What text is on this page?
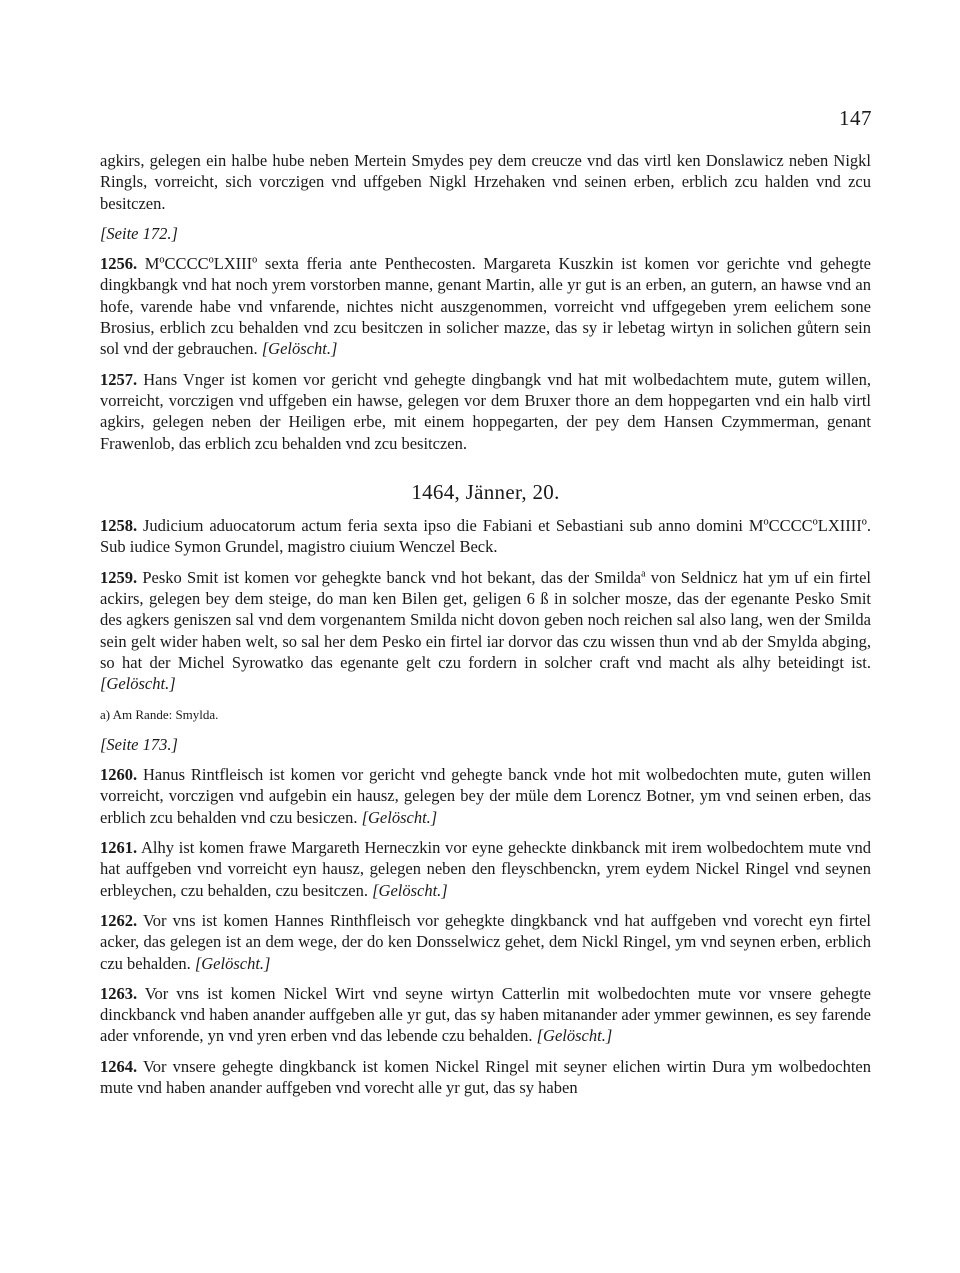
147

agkirs, gelegen ein halbe hube neben Mertein Smydes pey dem creucze vnd das virtl ken Donslawicz neben Nigkl Ringls, vorreicht, sich vorczigen vnd uffgeben Nigkl Hrzehaken vnd seinen erben, erblich zcu halden vnd zcu besitczen.

[Seite 172.]

1256. MºCCCCºLXIIIº sexta fferia ante Penthecosten. Margareta Kuszkin ist komen vor gerichte vnd gehegte dingkbangk vnd hat noch yrem vorstorben manne, genant Martin, alle yr gut is an erben, an gutern, an hawse vnd an hofe, varende habe vnd vnfarende, nichtes nicht auszgenommen, vorreicht vnd uffgegeben yrem eelichem sone Brosius, erblich zcu behalden vnd zcu besitczen in solicher mazze, das sy ir lebetag wirtyn in solichen gůtern sein sol vnd der gebrauchen. [Gelöscht.]

1257. Hans Vnger ist komen vor gericht vnd gehegte dingbangk vnd hat mit wolbedachtem mute, gutem willen, vorreicht, vorczigen vnd uffgeben ein hawse, gelegen vor dem Bruxer thore an dem hoppegarten vnd ein halb virtl agkirs, gelegen neben der Heiligen erbe, mit einem hoppegarten, der pey dem Hansen Czymmerman, genant Frawenlob, das erblich zcu behalden vnd zcu besitczen.

1464, Jänner, 20.

1258. Judicium aduocatorum actum feria sexta ipso die Fabiani et Sebastiani sub anno domini MºCCCCºLXIIIIº. Sub iudice Symon Grundel, magistro ciuium Wenczel Beck.

1259. Pesko Smit ist komen vor gehegkte banck vnd hot bekant, das der Smilda$^a$ von Seldnicz hat ym uf ein firtel ackirs, gelegen bey dem steige, do man ken Bilen get, geligen 6 ß in solcher mosze, das der egenante Pesko Smit des agkers geniszen sal vnd dem vorgenantem Smilda nicht dovon geben noch reichen sal also lang, wen der Smilda sein gelt wider haben welt, so sal her dem Pesko ein firtel iar dorvor das czu wissen thun vnd ab der Smylda abging, so hat der Michel Syrowatko das egenante gelt czu fordern in solcher craft vnd macht als alhy beteidingt ist. [Gelöscht.]

a) Am Rande: Smylda.

[Seite 173.]

1260. Hanus Rintfleisch ist komen vor gericht vnd gehegte banck vnde hot mit wolbedochten mute, guten willen vorreicht, vorczigen vnd aufgebin ein hausz, gelegen bey der müle dem Lorencz Botner, ym vnd seinen erben, das erblich zcu behalden vnd czu besiczen. [Gelöscht.]

1261. Alhy ist komen frawe Margareth Herneczkin vor eyne geheckte dinkbanck mit irem wolbedochtem mute vnd hat auffgeben vnd vorreicht eyn hausz, gelegen neben den fleyschbenckn, yrem eydem Nickel Ringel vnd seynen erbleychen, czu behalden, czu besitczen. [Gelöscht.]

1262. Vor vns ist komen Hannes Rinthfleisch vor gehegkte dingkbanck vnd hat auffgeben vnd vorecht eyn firtel acker, das gelegen ist an dem wege, der do ken Donsselwicz gehet, dem Nickl Ringel, ym vnd seynen erben, erblich czu behalden. [Gelöscht.]

1263. Vor vns ist komen Nickel Wirt vnd seyne wirtyn Catterlin mit wolbedochten mute vor vnsere gehegte dinckbanck vnd haben anander auffgeben alle yr gut, das sy haben mitanander ader ymmer gewinnen, es sey farende ader vnforende, yn vnd yren erben vnd das lebende czu behalden. [Gelöscht.]

1264. Vor vnsere gehegte dingkbanck ist komen Nickel Ringel mit seyner elichen wirtin Dura ym wolbedochten mute vnd haben anander auffgeben vnd vorecht alle yr gut, das sy haben
